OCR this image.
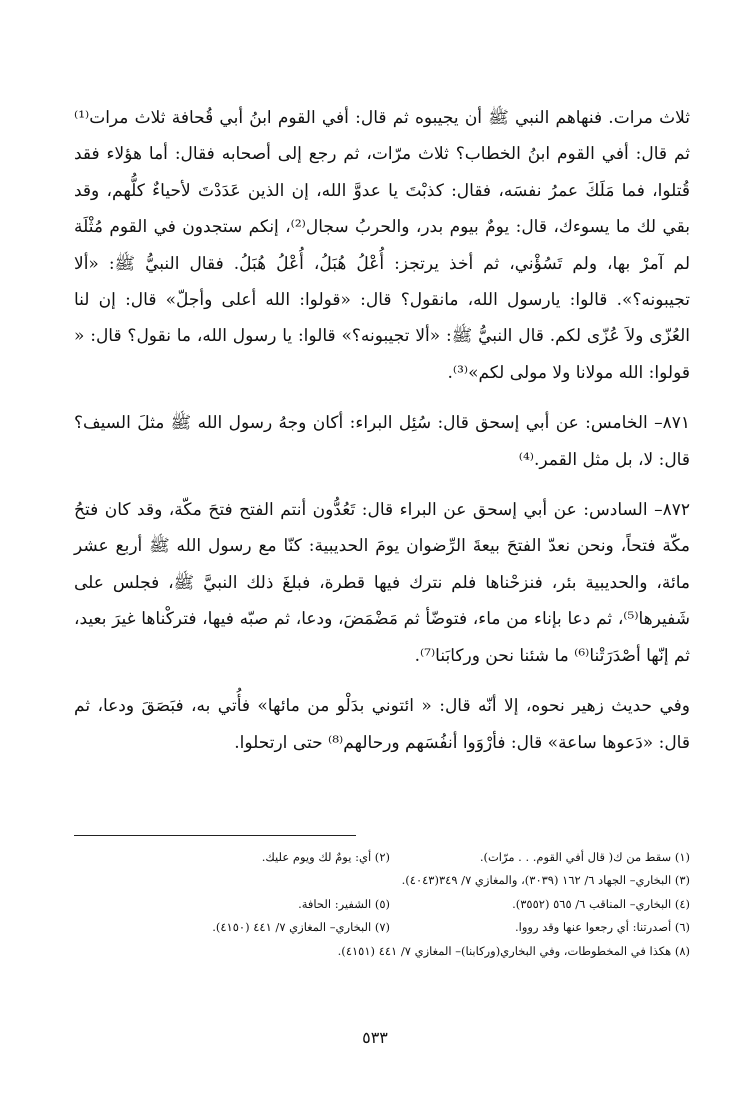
ثلاث مرات. فنهاهم النبي ﷺ أن يجيبوه ثم قال: أفي القوم ابنُ أبي قُحافة ثلاث مرات⁽¹⁾ ثم قال: أفي القوم ابنُ الخطاب؟ ثلاث مرّات، ثم رجع إلى أصحابه فقال: أما هؤلاء فقد قُتلوا، فما مَلَكَ عمرُ نفسَه، فقال: كذبْتَ يا عدوَّ الله، إن الذين عَدَدْتَ لأحياءٌ كلُّهم، وقد بقي لك ما يسوءك، قال: يومٌ بيوم بدر، والحربُ سجال⁽²⁾، إنكم ستجدون في القوم مُثْلَة لم آمرْ بها، ولم تَسُؤْني، ثم أخذ يرتجز: أُعْلُ هُبَلُ، أُعْلُ هُبَلُ. فقال النبيُّ ﷺ: «ألا تجيبونه؟». قالوا: يارسول الله، مانقول؟ قال: «قولوا: الله أعلى وأجلّ» قال: إن لنا العُزّى ولاَ عُزّى لكم. قال النبيُّ ﷺ: «ألا تجيبونه؟» قالوا: يا رسول الله، ما نقول؟ قال: « قولوا: الله مولانا ولا مولى لكم»⁽³⁾.

٨٧١– الخامس: عن أبي إسحق قال: سُئِل البراء: أكان وجهُ رسول الله ﷺ مثلَ السيف؟ قال: لا، بل مثل القمر.⁽⁴⁾

٨٧٢– السادس: عن أبي إسحق عن البراء قال: تَعُدُّون أنتم الفتح فتحَ مكّة، وقد كان فتحُ مكّة فتحاً، ونحن نعدّ الفتحَ بيعةَ الرِّضوان يومَ الحديبية: كنّا مع رسول الله ﷺ أربع عشر مائة، والحديبية بئر، فنزحْناها فلم نترك فيها قطرة، فبلغَ ذلك النبيَّ ﷺ، فجلس على شَفيرها⁽⁵⁾، ثم دعا بإناء من ماء، فتوضّأ ثم مَضْمَضَ، ودعا، ثم صبّه فيها، فتركْناها غيرَ بعيد، ثم إنّها أصْدَرَتْنا⁽⁶⁾ ما شئنا نحن وركابَنا⁽⁷⁾.

وفي حديث زهير نحوه، إلا أنّه قال: « ائتوني بدَلْو من مائها» فأُتي به، فبَصَقَ ودعا، ثم قال: «دَعوها ساعة» قال: فأرْوَوا أنفُسَهم ورحالهم⁽⁸⁾ حتى ارتحلوا.

(١) سقط من ك( قال أفي القوم. . . مرّات).
(٢) أي: يومٌ لك ويوم عليك.
(٣) البخاري– الجهاد ٦/ ١٦٢ (٣٠٣٩)، والمغازي ٧/ ٣٤٩(٤٠٤٣).
(٤) البخاري– المناقب ٦/ ٥٦٥ (٣٥٥٢).
(٥) الشفير: الحافة.
(٦) أصدرتنا: أي رجعوا عنها وقد رووا.
(٧) البخاري– المغازي ٧/ ٤٤١ (٤١٥٠).
(٨) هكذا في المخطوطات، وفي البخاري(وركابنا)– المغازي ٧/ ٤٤١ (٤١٥١).
٥٣٣
